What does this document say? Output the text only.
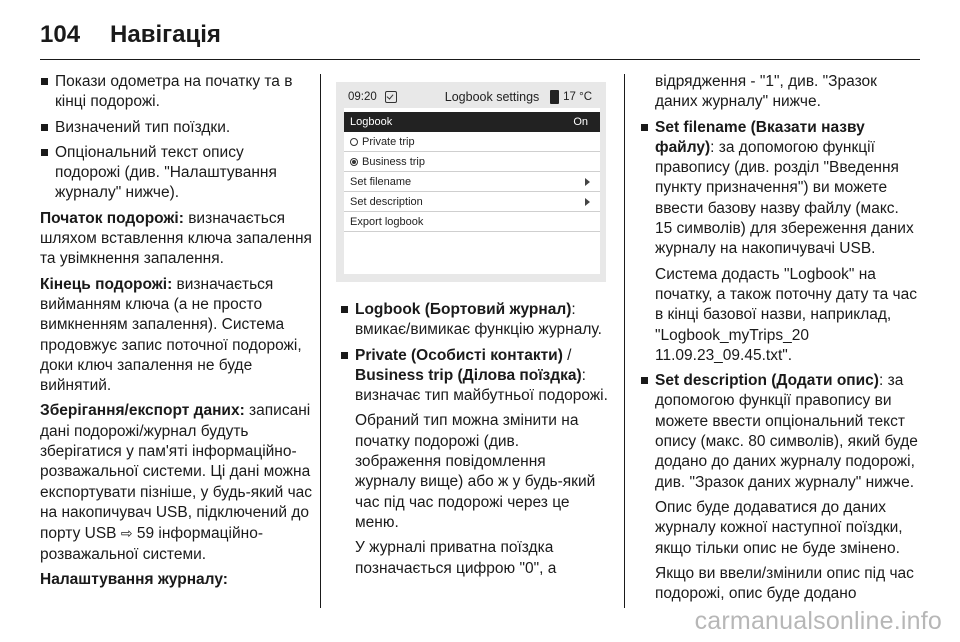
104 Навігація
Покази одометра на початку та в кінці подорожі.
Визначений тип поїздки.
Опціональний текст опису подорожі (див. "Налаштування журналу" нижче).

Початок подорожі: визначається шляхом вставлення ключа запалення та увімкнення запалення.

Кінець подорожі: визначається вийманням ключа (а не просто вимкненням запалення). Система продовжує запис поточної подорожі, доки ключ запалення не буде вийнятий.

Зберігання/експорт даних: записані дані подорожі/журнал будуть зберігатися у пам'яті інформаційно-розважальної системи. Ці дані можна експортувати пізніше, у будь-який час на накопичувач USB, підключений до порту USB ⇨ 59 інформаційно-розважальної системи.

Налаштування журналу:

09:20	Logbook settings 17 °C
Logbook	On
Private trip
Business trip
Set filename
Set description
Export logbook
Logbook (Бортовий журнал): вмикає/вимикає функцію журналу.
Private (Особисті контакти) / Business trip (Ділова поїздка): визначає тип майбутньої подорожі.

Обраний тип можна змінити на початку подорожі (див. зображення повідомлення журналу вище) або ж у будь-який час під час подорожі через це меню.

У журналі приватна поїздка позначається цифрою "0", а

відрядження - "1", див. "Зразок даних журналу" нижче.

Set filename (Вказати назву файлу): за допомогою функції правопису (див. розділ "Введення пункту призначення") ви можете ввести базову назву файлу (макс. 15 символів) для збереження даних журналу на накопичувачі USB.

Система додасть "Logbook" на початку, а також поточну дату та час в кінці базової назви, наприклад, "Logbook_myTrips_20 11.09.23_09.45.txt".

Set description (Додати опис): за допомогою функції правопису ви можете ввести опціональний текст опису (макс. 80 символів), який буде додано до даних журналу подорожі, див. "Зразок даних журналу" нижче.

Опис буде додаватися до даних журналу кожної наступної поїздки, якщо тільки опис не буде змінено.

Якщо ви ввели/змінили опис під час подорожі, опис буде додано

carmanualsonline.info
